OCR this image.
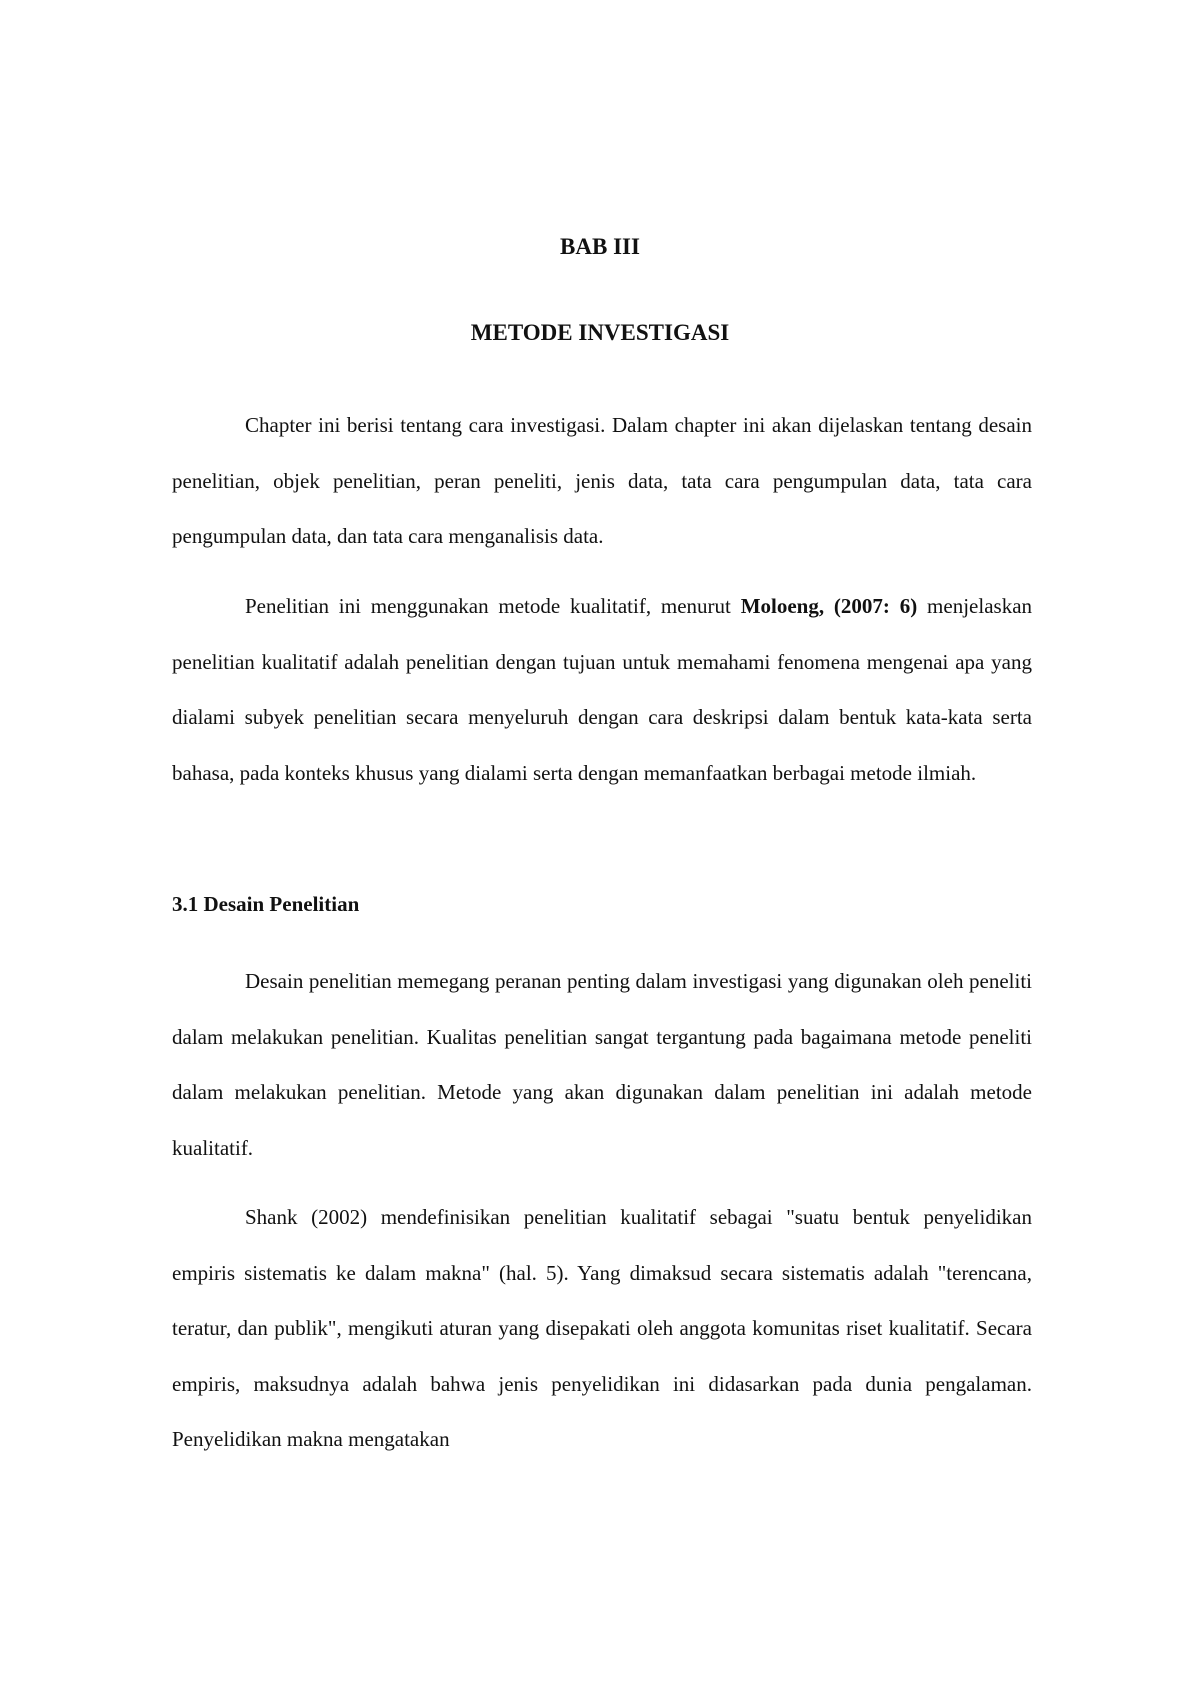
BAB III
METODE INVESTIGASI

Chapter ini berisi tentang cara investigasi. Dalam chapter ini akan dijelaskan tentang desain penelitian, objek penelitian, peran peneliti, jenis data, tata cara pengumpulan data, tata cara pengumpulan data, dan tata cara menganalisis data.

Penelitian ini menggunakan metode kualitatif, menurut Moloeng, (2007: 6) menjelaskan penelitian kualitatif adalah penelitian dengan tujuan untuk memahami fenomena mengenai apa yang dialami subyek penelitian secara menyeluruh dengan cara deskripsi dalam bentuk kata-kata serta bahasa, pada konteks khusus yang dialami serta dengan memanfaatkan berbagai metode ilmiah.

3.1 Desain Penelitian

Desain penelitian memegang peranan penting dalam investigasi yang digunakan oleh peneliti dalam melakukan penelitian. Kualitas penelitian sangat tergantung pada bagaimana metode peneliti dalam melakukan penelitian. Metode yang akan digunakan dalam penelitian ini adalah metode kualitatif.

Shank (2002) mendefinisikan penelitian kualitatif sebagai "suatu bentuk penyelidikan empiris sistematis ke dalam makna" (hal. 5). Yang dimaksud secara sistematis adalah "terencana, teratur, dan publik", mengikuti aturan yang disepakati oleh anggota komunitas riset kualitatif. Secara empiris, maksudnya adalah bahwa jenis penyelidikan ini didasarkan pada dunia pengalaman. Penyelidikan makna mengatakan
